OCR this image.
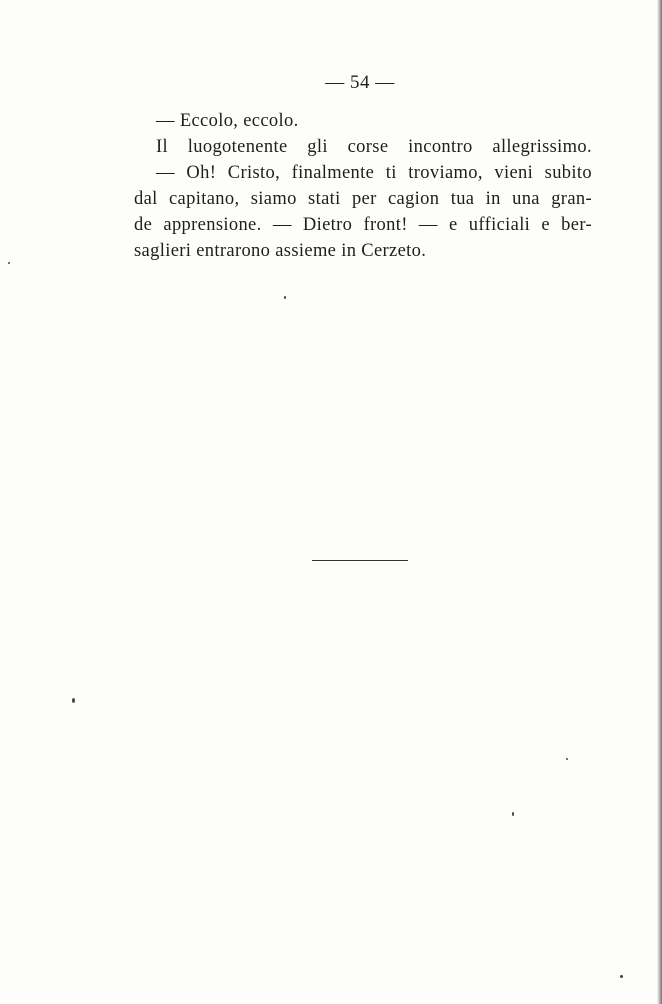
— 54 —
— Eccolo, eccolo.
Il luogotenente gli corse incontro allegrissimo.
— Oh! Cristo, finalmente ti troviamo, vieni subito
dal capitano, siamo stati per cagion tua in una gran-
de apprensione. — Dietro front! — e ufficiali e ber-
saglieri entrarono assieme in Cerzeto.
